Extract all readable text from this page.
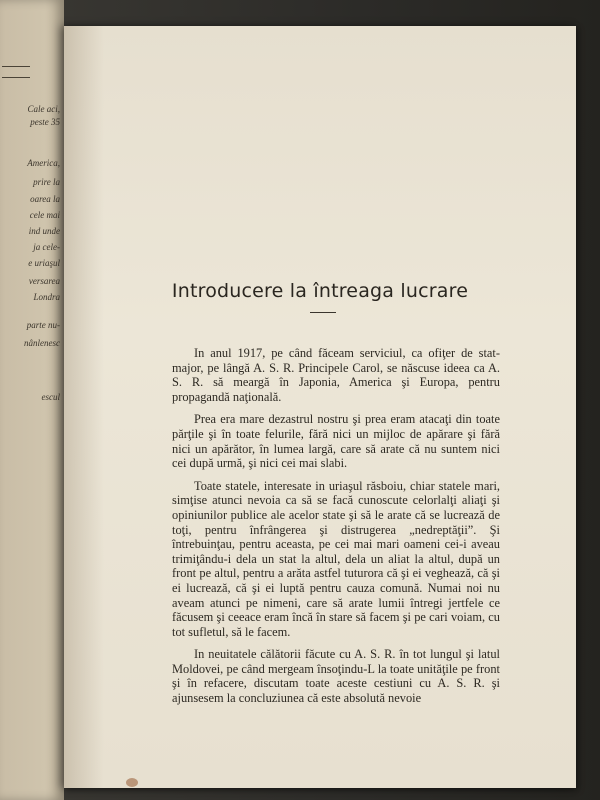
Cale aci,
peste 35
America,
prire la
oarea la
cele mai
ind unde
ja cele-
e uriaşul
versarea
Londra
parte nu-
nânlenesc
escul
Introducere la întreaga lucrare

In anul 1917, pe când făceam serviciul, ca ofiţer de stat-major, pe lângă A. S. R. Principele Carol, se născuse ideea ca A. S. R. să meargă în Japonia, America şi Europa, pentru propagandă naţională.

Prea era mare dezastrul nostru şi prea eram atacaţi din toate părţile şi în toate felurile, fără nici un mijloc de apărare şi fără nici un apărător, în lumea largă, care să arate că nu suntem nici cei după urmă, şi nici cei mai slabi.

Toate statele, interesate in uriaşul răsboiu, chiar statele mari, simţise atunci nevoia ca să se facă cunoscute celorlalţi aliaţi şi opiniunilor publice ale acelor state şi să le arate că se lucrează de toţi, pentru înfrângerea şi distrugerea „nedreptăţii”. Şi întrebuinţau, pentru aceasta, pe cei mai mari oameni cei-i aveau trimiţându-i dela un stat la altul, dela un aliat la altul, după un front pe altul, pentru a arăta astfel tuturora că şi ei veghează, că şi ei lucrează, că şi ei luptă pentru cauza comună. Numai noi nu aveam atunci pe nimeni, care să arate lumii întregi jertfele ce făcusem şi ceeace eram încă în stare să facem şi pe cari voiam, cu tot sufletul, să le facem.

In neuitatele călătorii făcute cu A. S. R. în tot lungul şi latul Moldovei, pe când mergeam însoţindu-L la toate unităţile pe front şi în refacere, discutam toate aceste cestiuni cu A. S. R. şi ajunsesem la concluziunea că este absolută nevoie
